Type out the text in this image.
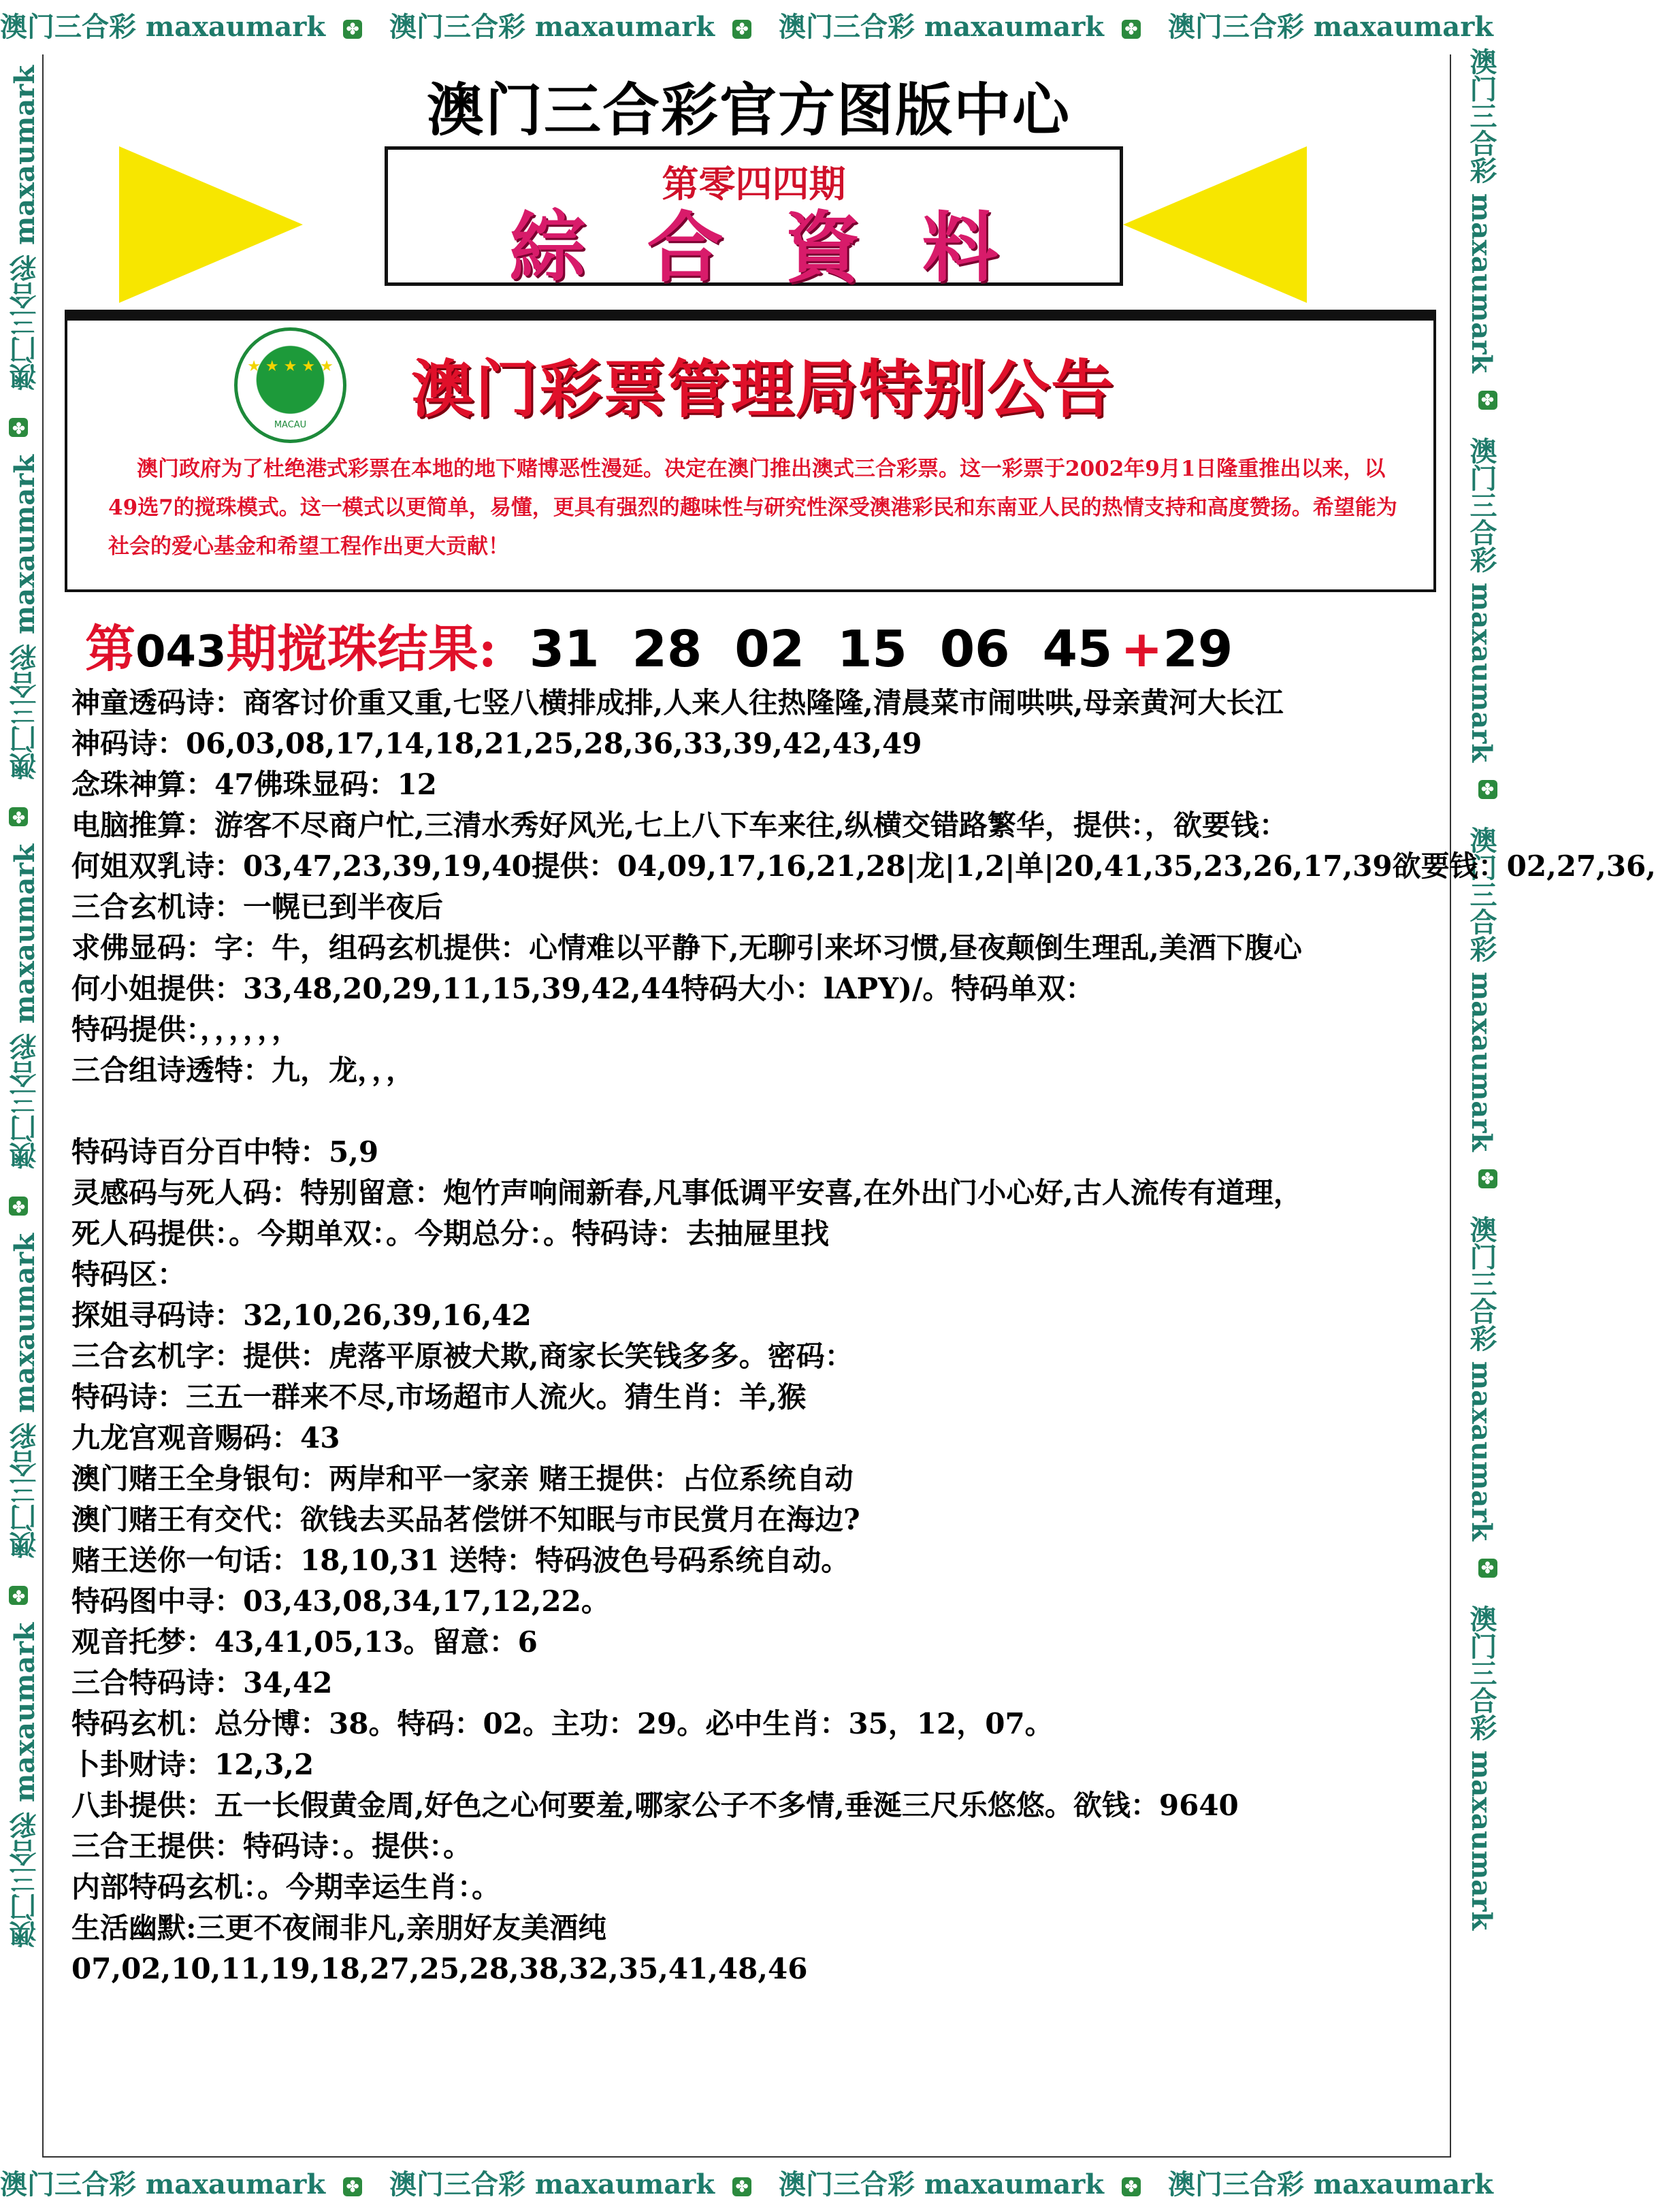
澳门三合彩 maxaumark ✤ 澳门三合彩 maxaumark ✤ 澳门三合彩 maxaumark ✤ 澳门三合彩 maxaumark
澳门三合彩 maxaumark ✤ 澳门三合彩 maxaumark ✤ 澳门三合彩 maxaumark ✤ 澳门三合彩 maxaumark
澳门三合彩 maxaumark✤ 澳门三合彩 maxaumark✤ 澳门三合彩 maxaumark✤ 澳门三合彩 maxaumark✤ 澳门三合彩 maxaumark	澳门三合彩 maxaumark✤ 澳门三合彩 maxaumark✤ 澳门三合彩 maxaumark✤ 澳门三合彩 maxaumark✤ 澳门三合彩 maxaumark
澳门三合彩官方图版中心
第零四四期
綜合資料
★ ★ ★ ★ ★
MACAU	澳门彩票管理局特别公告
澳门政府为了杜绝港式彩票在本地的地下赌博恶性漫延。决定在澳门推出澳式三合彩票。这一彩票于2002年9月1日隆重推出以来，以49选7的搅珠模式。这一模式以更简单，易懂，更具有强烈的趣味性与研究性深受澳港彩民和东南亚人民的热情支持和高度赞扬。希望能为社会的爱心基金和希望工程作出更大贡献！
第043期搅珠结果: 31 28 02 15 06 45 +29
神童透码诗：商客讨价重又重,七竖八横排成排,人来人往热隆隆,清晨菜市闹哄哄,母亲黄河大长江
神码诗：06,03,08,17,14,18,21,25,28,36,33,39,42,43,49
念珠神算：47佛珠显码：12
电脑推算：游客不尽商户忙,三清水秀好风光,七上八下车来往,纵横交错路繁华，提供：，欲要钱：
何姐双乳诗：03,47,23,39,19,40提供：04,09,17,16,21,28|龙|1,2|单|20,41,35,23,26,17,39欲要钱：02,27,36,
三合玄机诗：一幌已到半夜后
求佛显码：字：牛，组码玄机提供：心情难以平静下,无聊引来坏习惯,昼夜颠倒生理乱,美酒下腹心
何小姐提供：33,48,20,29,11,15,39,42,44特码大小：lAPY)/。特码单双：
特码提供：，，，，，，
三合组诗透特：九，龙，，，
特码诗百分百中特：5,9
灵感码与死人码：特别留意：炮竹声响闹新春,凡事低调平安喜,在外出门小心好,古人流传有道理，
死人码提供：。今期单双：。今期总分：。特码诗：去抽屉里找
特码区：
探姐寻码诗：32,10,26,39,16,42
三合玄机字：提供：虎落平原被犬欺,商家长笑钱多多。密码：
特码诗：三五一群来不尽,市场超市人流火。猜生肖：羊,猴
九龙宫观音赐码：43
澳门赌王全身银句：两岸和平一家亲 赌王提供：占位系统自动
澳门赌王有交代：欲钱去买品茗偿饼不知眠与市民赏月在海边?
赌王送你一句话：18,10,31 送特：特码波色号码系统自动。
特码图中寻：03,43,08,34,17,12,22。
观音托梦：43,41,05,13。留意：6
三合特码诗：34,42
特码玄机：总分博：38。特码：02。主功：29。必中生肖：35，12，07。
卜卦财诗：12,3,2
八卦提供：五一长假黄金周,好色之心何要羞,哪家公子不多情,垂涎三尺乐悠悠。欲钱：9640
三合王提供：特码诗：。提供：。
内部特码玄机：。今期幸运生肖：。
生活幽默:三更不夜闹非凡,亲朋好友美酒纯
07,02,10,11,19,18,27,25,28,38,32,35,41,48,46
